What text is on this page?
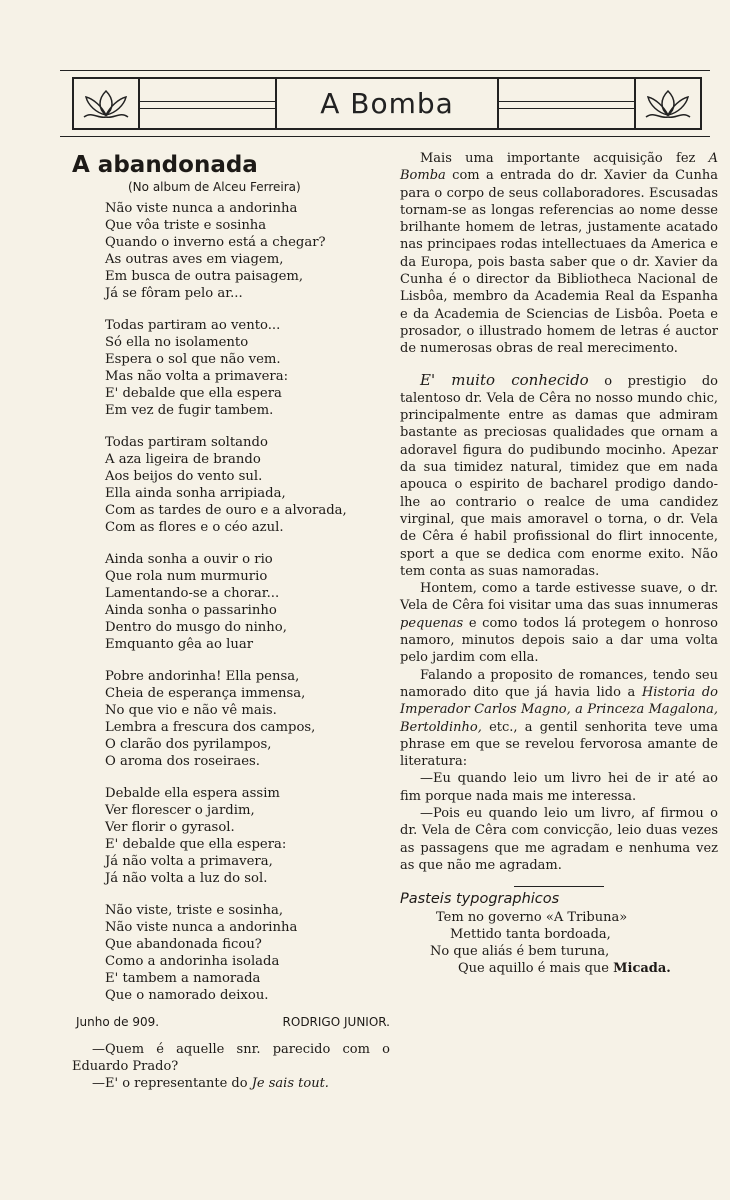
A Bomba
A abandonada
(No album de Alceu Ferreira)
Não viste nunca a andorinha
Que vôa triste e sosinha
Quando o inverno está a chegar?
As outras aves em viagem,
Em busca de outra paisagem,
Já se fôram pelo ar...
Todas partiram ao vento...
Só ella no isolamento
Espera o sol que não vem.
Mas não volta a primavera:
E' debalde que ella espera
Em vez de fugir tambem.
Todas partiram soltando
A aza ligeira de brando
Aos beijos do vento sul.
Ella ainda sonha arripiada,
Com as tardes de ouro e a alvorada,
Com as flores e o céo azul.
Ainda sonha a ouvir o rio
Que rola num murmurio
Lamentando-se a chorar...
Ainda sonha o passarinho
Dentro do musgo do ninho,
Emquanto gêa ao luar
Pobre andorinha! Ella pensa,
Cheia de esperança immensa,
No que vio e não vê mais.
Lembra a frescura dos campos,
O clarão dos pyrilampos,
O aroma dos roseiraes.
Debalde ella espera assim
Ver florescer o jardim,
Ver florir o gyrasol.
E' debalde que ella espera:
Já não volta a primavera,
Já não volta a luz do sol.
Não viste, triste e sosinha,
Não viste nunca a andorinha
Que abandonada ficou?
Como a andorinha isolada
E' tambem a namorada
Que o namorado deixou.
Junho de 909.	RODRIGO JUNIOR.

—Quem é aquelle snr. parecido com o Eduardo Prado?

—E' o representante do Je sais tout.

Mais uma importante acquisição fez A Bomba com a entrada do dr. Xavier da Cunha para o corpo de seus collaboradores. Escusadas tornam-se as longas referencias ao nome desse brilhante homem de letras, justamente acatado nas principaes rodas intellectuaes da America e da Europa, pois basta saber que o dr. Xavier da Cunha é o director da Bibliotheca Nacional de Lisbôa, membro da Academia Real da Espanha e da Academia de Sciencias de Lisbôa. Poeta e prosador, o illustrado homem de letras é auctor de numerosas obras de real merecimento.

E' muito conhecido o prestigio do talentoso dr. Vela de Cêra no nosso mundo chic, principalmente entre as damas que admiram bastante as preciosas qualidades que ornam a adoravel figura do pudibundo mocinho. Apezar da sua timidez natural, timidez que em nada apouca o espirito de bacharel prodigo dando-lhe ao contrario o realce de uma candidez virginal, que mais amoravel o torna, o dr. Vela de Cêra é habil profissional do flirt innocente, sport a que se dedica com enorme exito. Não tem conta as suas namoradas.

Hontem, como a tarde estivesse suave, o dr. Vela de Cêra foi visitar uma das suas innumeras pequenas e como todos lá protegem o honroso namoro, minutos depois saio a dar uma volta pelo jardim com ella.

Falando a proposito de romances, tendo seu namorado dito que já havia lido a Historia do Imperador Carlos Magno, a Princeza Magalona, Bertoldinho, etc., a gentil senhorita teve uma phrase em que se revelou fervorosa amante de literatura:

—Eu quando leio um livro hei de ir até ao fim porque nada mais me interessa.

—Pois eu quando leio um livro, af firmou o dr. Vela de Cêra com convicção, leio duas vezes as passagens que me agradam e nenhuma vez as que não me agradam.

Pasteis typographicos
Tem no governo «A Tribuna»
Mettido tanta bordoada,
No que aliás é bem turuna,
Que aquillo é mais que Micada.
